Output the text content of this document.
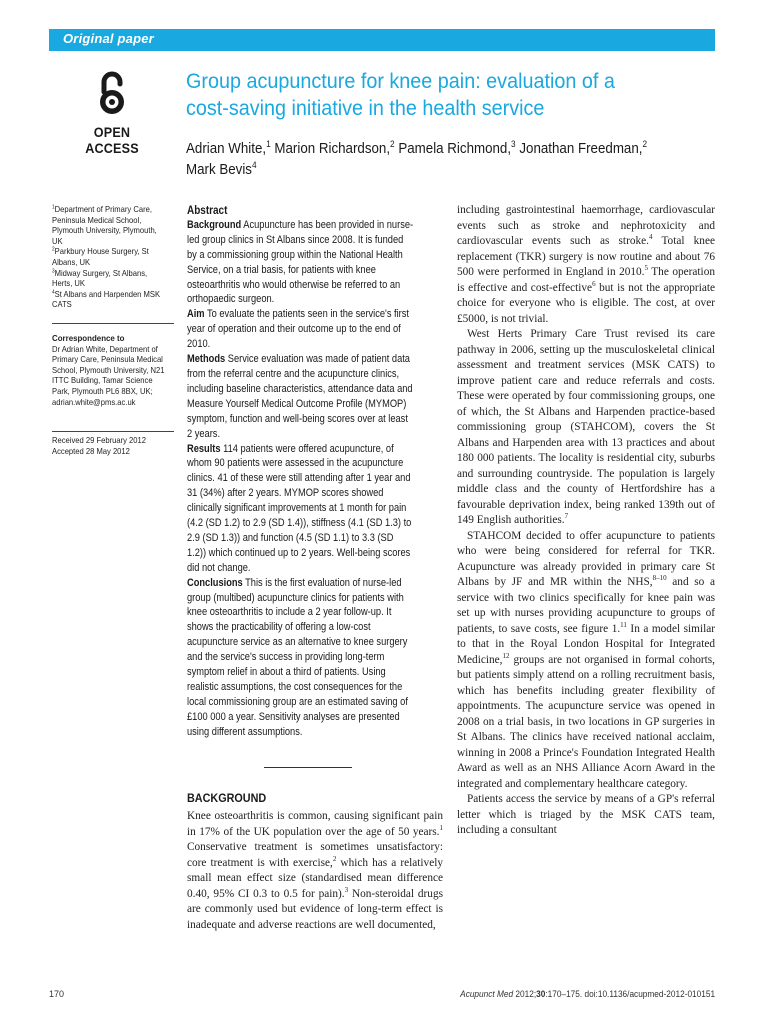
Original paper
OPEN ACCESS
Group acupuncture for knee pain: evaluation of a
cost-saving initiative in the health service
Adrian White,$^1$ Marion Richardson,$^2$ Pamela Richmond,$^3$ Jonathan Freedman,$^2$
Mark Bevis$^4$

$^1$Department of Primary Care, Peninsula Medical School, Plymouth University, Plymouth, UK

$^2$Parkbury House Surgery, St Albans, UK

$^3$Midway Surgery, St Albans, Herts, UK

$^4$St Albans and Harpenden MSK CATS

Correspondence to
Dr Adrian White, Department of Primary Care, Peninsula Medical School, Plymouth University, N21 ITTC Building, Tamar Science Park, Plymouth PL6 8BX, UK;
adrian.white@pms.ac.uk
Received 29 February 2012
Accepted 28 May 2012

Abstract

Background Acupuncture has been provided in nurse-led group clinics in St Albans since 2008. It is funded by a commissioning group within the National Health Service, on a trial basis, for patients with knee osteoarthritis who would otherwise be referred to an orthopaedic surgeon.

Aim To evaluate the patients seen in the service's first year of operation and their outcome up to the end of 2010.

Methods Service evaluation was made of patient data from the referral centre and the acupuncture clinics, including baseline characteristics, attendance data and Measure Yourself Medical Outcome Profile (MYMOP) symptom, function and well-being scores over at least 2 years.

Results 114 patients were offered acupuncture, of whom 90 patients were assessed in the acupuncture clinics. 41 of these were still attending after 1 year and 31 (34%) after 2 years. MYMOP scores showed clinically significant improvements at 1 month for pain (4.2 (SD 1.2) to 2.9 (SD 1.4)), stiffness (4.1 (SD 1.3) to 2.9 (SD 1.3)) and function (4.5 (SD 1.1) to 3.3 (SD 1.2)) which continued up to 2 years. Well-being scores did not change.

Conclusions This is the first evaluation of nurse-led group (multibed) acupuncture clinics for patients with knee osteoarthritis to include a 2 year follow-up. It shows the practicability of offering a low-cost acupuncture service as an alternative to knee surgery and the service's success in providing long-term symptom relief in about a third of patients. Using realistic assumptions, the cost consequences for the local commissioning group are an estimated saving of £100 000 a year. Sensitivity analyses are presented using different assumptions.

BACKGROUND

Knee osteoarthritis is common, causing significant pain in 17% of the UK population over the age of 50 years.$^1$ Conservative treatment is sometimes unsatisfactory: core treatment is with exercise,$^2$ which has a relatively small mean effect size (standardised mean difference 0.40, 95% CI 0.3 to 0.5 for pain).$^3$ Non-steroidal drugs are commonly used but evidence of long-term effect is inadequate and adverse reactions are well documented,

including gastrointestinal haemorrhage, cardiovascular events such as stroke and nephrotoxicity and cardiovascular events such as stroke.$^4$ Total knee replacement (TKR) surgery is now routine and about 76 500 were performed in England in 2010.$^5$ The operation is effective and cost-effective$^6$ but is not the appropriate choice for everyone who is eligible. The cost, at over £5000, is not trivial.

West Herts Primary Care Trust revised its care pathway in 2006, setting up the musculoskeletal clinical assessment and treatment services (MSK CATS) to improve patient care and reduce referrals and costs. These were operated by four commissioning groups, one of which, the St Albans and Harpenden practice-based commissioning group (STAHCOM), covers the St Albans and Harpenden area with 13 practices and about 180 000 patients. The locality is residential city, suburbs and surrounding countryside. The population is largely middle class and the county of Hertfordshire has a favourable deprivation index, being ranked 139th out of 149 English authorities.$^7$

STAHCOM decided to offer acupuncture to patients who were being considered for referral for TKR. Acupuncture was already provided in primary care St Albans by JF and MR within the NHS,$^{8-10}$ and so a service with two clinics specifically for knee pain was set up with nurses providing acupuncture to groups of patients, to save costs, see figure 1.11 In a model similar to that in the Royal London Hospital for Integrated Medicine,$^{12}$ groups are not organised in formal cohorts, but patients simply attend on a rolling recruitment basis, which has benefits including greater flexibility of appointments. The acupuncture service was opened in 2008 on a trial basis, in two locations in GP surgeries in St Albans. The clinics have received national acclaim, winning in 2008 a Prince's Foundation Integrated Health Award as well as an NHS Alliance Acorn Award in the integrated and complementary healthcare category.

Patients access the service by means of a GP's referral letter which is triaged by the MSK CATS team, including a consultant

170	Acupunct Med 2012;30:170–175. doi:10.1136/acupmed-2012-010151
